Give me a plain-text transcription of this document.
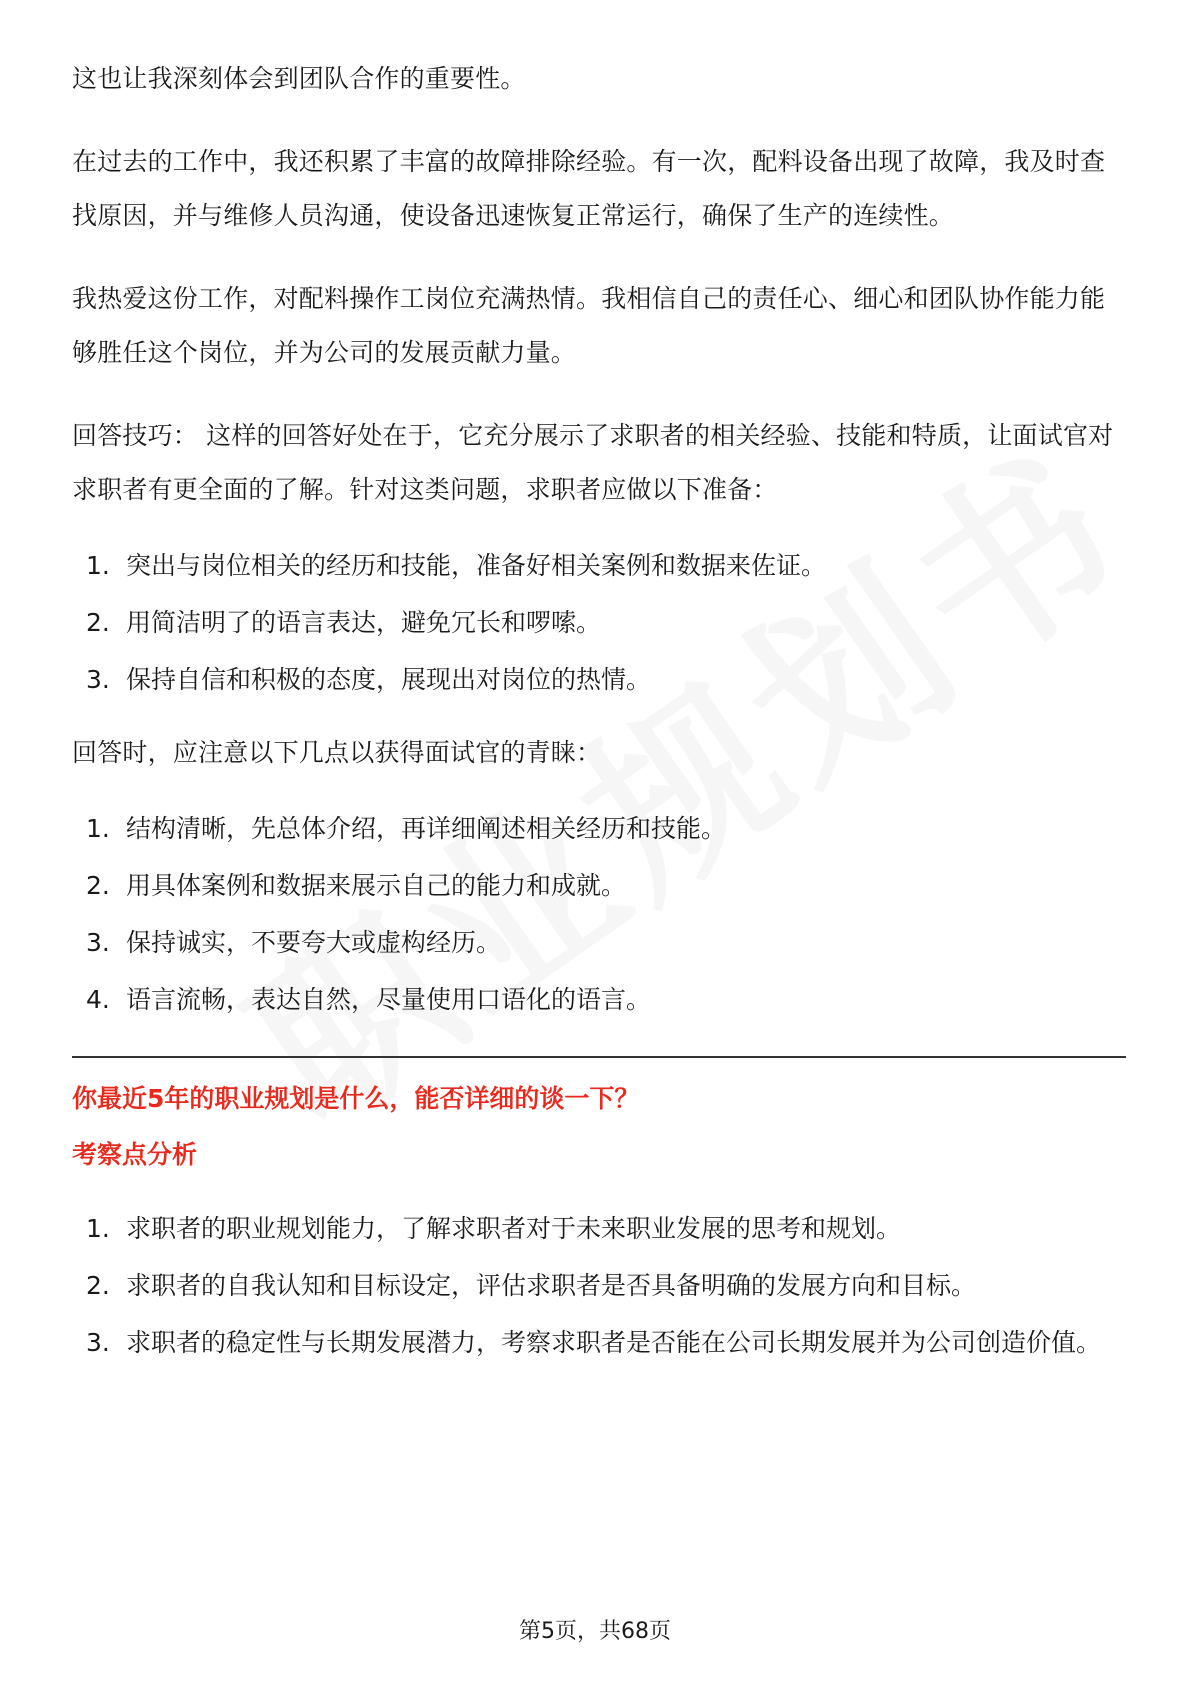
这也让我深刻体会到团队合作的重要性。

在过去的工作中，我还积累了丰富的故障排除经验。有一次，配料设备出现了故障，我及时查找原因，并与维修人员沟通，使设备迅速恢复正常运行，确保了生产的连续性。

我热爱这份工作，对配料操作工岗位充满热情。我相信自己的责任心、细心和团队协作能力能够胜任这个岗位，并为公司的发展贡献力量。

回答技巧： 这样的回答好处在于，它充分展示了求职者的相关经验、技能和特质，让面试官对求职者有更全面的了解。针对这类问题，求职者应做以下准备：

1. 突出与岗位相关的经历和技能，准备好相关案例和数据来佐证。
2. 用简洁明了的语言表达，避免冗长和啰嗦。
3. 保持自信和积极的态度，展现出对岗位的热情。

回答时，应注意以下几点以获得面试官的青睐：

1. 结构清晰，先总体介绍，再详细阐述相关经历和技能。
2. 用具体案例和数据来展示自己的能力和成就。
3. 保持诚实，不要夸大或虚构经历。
4. 语言流畅，表达自然，尽量使用口语化的语言。

你最近5年的职业规划是什么，能否详细的谈一下？

考察点分析

1. 求职者的职业规划能力，了解求职者对于未来职业发展的思考和规划。
2. 求职者的自我认知和目标设定，评估求职者是否具备明确的发展方向和目标。
3. 求职者的稳定性与长期发展潜力，考察求职者是否能在公司长期发展并为公司创造价值。
第5页，共68页
